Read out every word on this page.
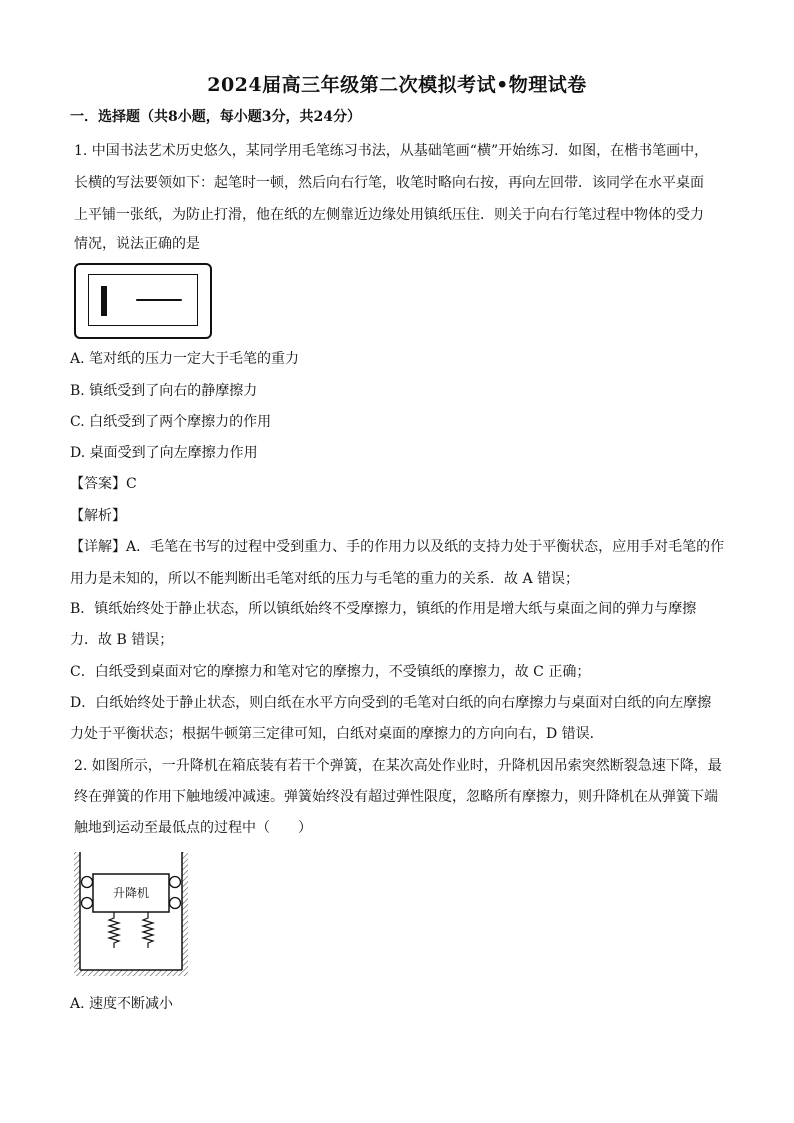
2024届高三年级第二次模拟考试•物理试卷
一．选择题（共8小题，每小题3分，共24分）
1. 中国书法艺术历史悠久，某同学用毛笔练习书法，从基础笔画“横”开始练习．如图，在楷书笔画中，
长横的写法要领如下：起笔时一顿，然后向右行笔，收笔时略向右按，再向左回带．该同学在水平桌面
上平铺一张纸，为防止打滑，他在纸的左侧靠近边缘处用镇纸压住．则关于向右行笔过程中物体的受力
情况，说法正确的是
A. 笔对纸的压力一定大于毛笔的重力
B. 镇纸受到了向右的静摩擦力
C. 白纸受到了两个摩擦力的作用
D. 桌面受到了向左摩擦力作用
【答案】C
【解析】
【详解】A．毛笔在书写的过程中受到重力、手的作用力以及纸的支持力处于平衡状态，应用手对毛笔的作
用力是未知的，所以不能判断出毛笔对纸的压力与毛笔的重力的关系．故 A 错误；
B．镇纸始终处于静止状态，所以镇纸始终不受摩擦力，镇纸的作用是增大纸与桌面之间的弹力与摩擦
力．故 B 错误；
C．白纸受到桌面对它的摩擦力和笔对它的摩擦力，不受镇纸的摩擦力，故 C 正确；
D．白纸始终处于静止状态，则白纸在水平方向受到的毛笔对白纸的向右摩擦力与桌面对白纸的向左摩擦
力处于平衡状态；根据牛顿第三定律可知，白纸对桌面的摩擦力的方向向右，D 错误．
2. 如图所示，一升降机在箱底装有若干个弹簧，在某次高处作业时，升降机因吊索突然断裂急速下降，最
终在弹簧的作用下触地缓冲减速。弹簧始终没有超过弹性限度，忽略所有摩擦力，则升降机在从弹簧下端
触地到运动至最低点的过程中（　　）
升降机
A. 速度不断减小
